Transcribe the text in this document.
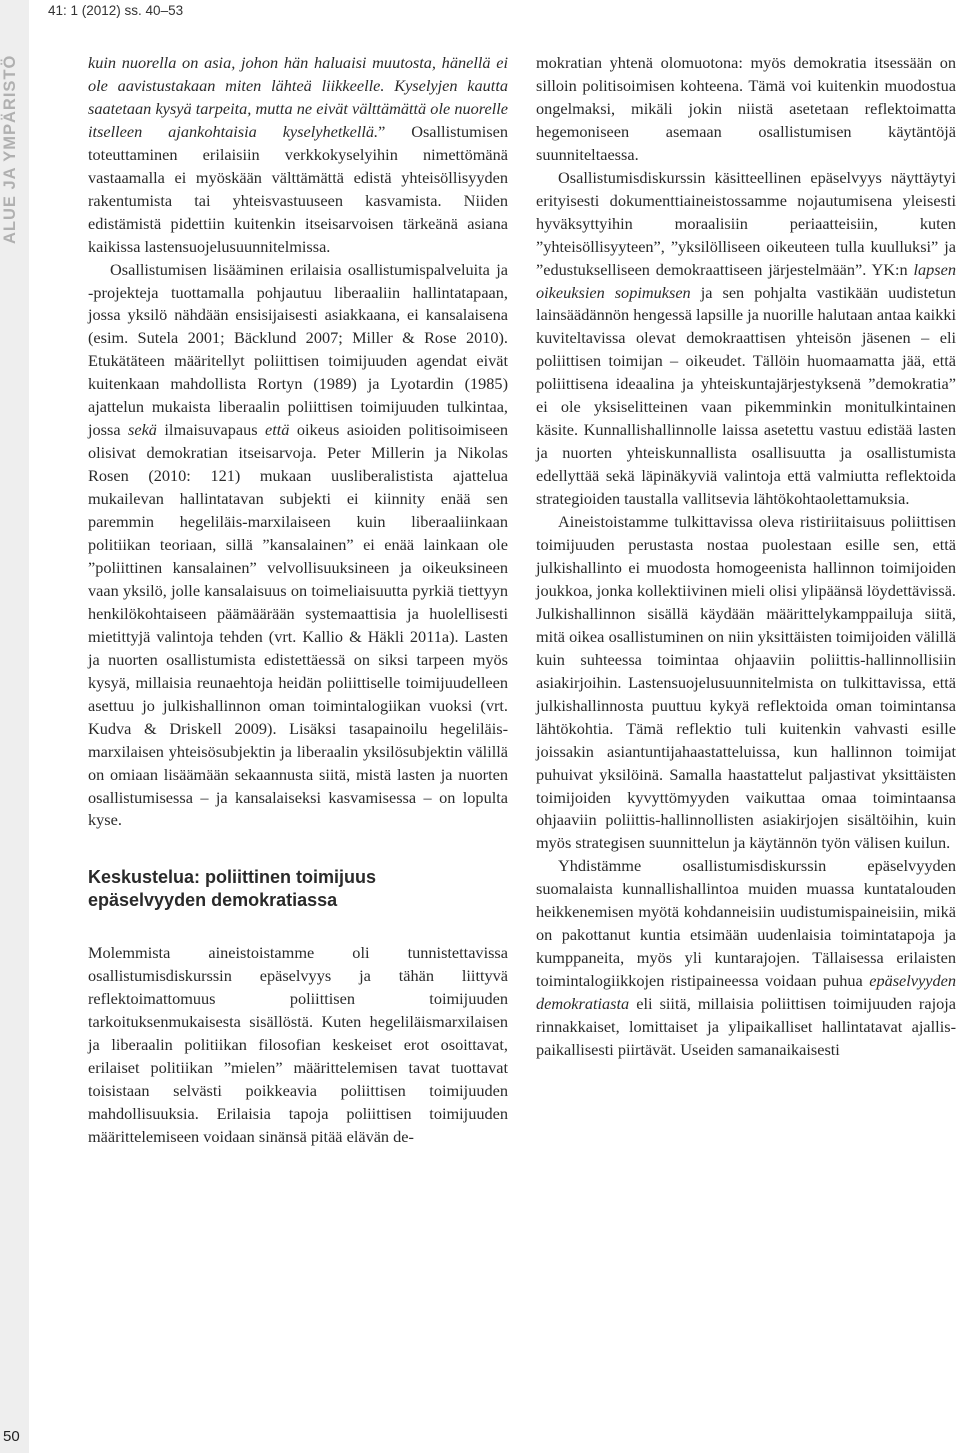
41: 1 (2012) ss. 40–53
ALUE JA YMPÄRISTÖ
50

kuin nuorella on asia, johon hän haluaisi muutosta, hänellä ei ole aavistustakaan miten lähteä liikkeelle. Kyselyjen kautta saatetaan kysyä tarpeita, mutta ne eivät välttämättä ole nuorelle itselleen ajankohtaisia kyselyhetkellä.” Osallistumisen toteuttaminen erilaisiin verkkokyselyihin nimettömänä vastaamalla ei myöskään välttämättä edistä yhteisöllisyyden rakentumista tai yhteisvastuuseen kasvamista. Niiden edistämistä pidettiin kuitenkin itseisarvoisen tärkeänä asiana kaikissa lastensuojelusuunnitelmissa.

Osallistumisen lisääminen erilaisia osallistumispalveluita ja -projekteja tuottamalla pohjautuu liberaaliin hallintatapaan, jossa yksilö nähdään ensisijaisesti asiakkaana, ei kansalaisena (esim. Sutela 2001; Bäcklund 2007; Miller & Rose 2010). Etukätäteen määritellyt poliittisen toimijuuden agendat eivät kuitenkaan mahdollista Rortyn (1989) ja Lyotardin (1985) ajattelun mukaista liberaalin poliittisen toimijuuden tulkintaa, jossa sekä ilmaisuvapaus että oikeus asioiden politisoimiseen olisivat demokratian itseisarvoja. Peter Millerin ja Nikolas Rosen (2010: 121) mukaan uusliberalistista ajattelua mukailevan hallintatavan subjekti ei kiinnity enää sen paremmin hegeliläis-marxilaiseen kuin liberaaliinkaan politiikan teoriaan, sillä ”kansalainen” ei enää lainkaan ole ”poliittinen kansalainen” velvollisuuksineen ja oikeuksineen vaan yksilö, jolle kansalaisuus on toimeliaisuutta pyrkiä tiettyyn henkilökohtaiseen päämäärään systemaattisia ja huolellisesti mietittyjä valintoja tehden (vrt. Kallio & Häkli 2011a). Lasten ja nuorten osallistumista edistettäessä on siksi tarpeen myös kysyä, millaisia reunaehtoja heidän poliittiselle toimijuudelleen asettuu jo julkishallinnon oman toimintalogiikan vuoksi (vrt. Kudva & Driskell 2009). Lisäksi tasapainoilu hegeliläis-marxilaisen yhteisösubjektin ja liberaalin yksilösubjektin välillä on omiaan lisäämään sekaannusta siitä, mistä lasten ja nuorten osallistumisessa – ja kansalaiseksi kasvamisessa – on lopulta kyse.

Keskustelua: poliittinen toimijuus
epäselvyyden demokratiassa

Molemmista aineistoistamme oli tunnistettavissa osallistumisdiskurssin epäselvyys ja tähän liittyvä reflektoimattomuus poliittisen toimijuuden tarkoituksenmukaisesta sisällöstä. Kuten hegeliläismarxilaisen ja liberaalin politiikan filosofian keskeiset erot osoittavat, erilaiset politiikan ”mielen” määrittelemisen tavat tuottavat toisistaan selvästi poikkeavia poliittisen toimijuuden mahdollisuuksia. Erilaisia tapoja poliittisen toimijuuden määrittelemiseen voidaan sinänsä pitää elävän de-

mokratian yhtenä olomuotona: myös demokratia itsessään on silloin politisoimisen kohteena. Tämä voi kuitenkin muodostua ongelmaksi, mikäli jokin niistä asetetaan reflektoimatta hegemoniseen asemaan osallistumisen käytäntöjä suunniteltaessa.

Osallistumisdiskurssin käsitteellinen epäselvyys näyttäytyi erityisesti dokumenttiaineistossamme nojautumisena yleisesti hyväksyttyihin moraalisiin periaatteisiin, kuten ”yhteisöllisyyteen”, ”yksilölliseen oikeuteen tulla kuulluksi” ja ”edustukselliseen demokraattiseen järjestelmään”. YK:n lapsen oikeuksien sopimuksen ja sen pohjalta vastikään uudistetun lainsäädännön hengessä lapsille ja nuorille halutaan antaa kaikki kuviteltavissa olevat demokraattisen yhteisön jäsenen – eli poliittisen toimijan – oikeudet. Tällöin huomaamatta jää, että poliittisena ideaalina ja yhteiskuntajärjestyksenä ”demokratia” ei ole yksiselitteinen vaan pikemminkin monitulkintainen käsite. Kunnallishallinnolle laissa asetettu vastuu edistää lasten ja nuorten yhteiskunnallista osallisuutta ja osallistumista edellyttää sekä läpinäkyviä valintoja että valmiutta reflektoida strategioiden taustalla vallitsevia lähtökohtaolettamuksia.

Aineistoistamme tulkittavissa oleva ristiriitaisuus poliittisen toimijuuden perustasta nostaa puolestaan esille sen, että julkishallinto ei muodosta homogeenista hallinnon toimijoiden joukkoa, jonka kollektiivinen mieli olisi ylipäänsä löydettävissä. Julkishallinnon sisällä käydään määrittelykamppailuja siitä, mitä oikea osallistuminen on niin yksittäisten toimijoiden välillä kuin suhteessa toimintaa ohjaaviin poliittis-hallinnollisiin asiakirjoihin. Lastensuojelusuunnitelmista on tulkittavissa, että julkishallinnosta puuttuu kykyä reflektoida oman toimintansa lähtökohtia. Tämä reflektio tuli kuitenkin vahvasti esille joissakin asiantuntijahaastatteluissa, kun hallinnon toimijat puhuivat yksilöinä. Samalla haastattelut paljastivat yksittäisten toimijoiden kyvyttömyyden vaikuttaa omaa toimintaansa ohjaaviin poliittis-hallinnollisten asiakirjojen sisältöihin, kuin myös strategisen suunnittelun ja käytännön työn välisen kuilun.

Yhdistämme osallistumisdiskurssin epäselvyyden suomalaista kunnallishallintoa muiden muassa kuntatalouden heikkenemisen myötä kohdanneisiin uudistumispaineisiin, mikä on pakottanut kuntia etsimään uudenlaisia toimintatapoja ja kumppaneita, myös yli kuntarajojen. Tällaisessa erilaisten toimintalogiikkojen ristipaineessa voidaan puhua epäselvyyden demokratiasta eli siitä, millaisia poliittisen toimijuuden rajoja rinnakkaiset, lomittaiset ja ylipaikalliset hallintatavat ajallis-paikallisesti piirtävät. Useiden samanaikaisesti
